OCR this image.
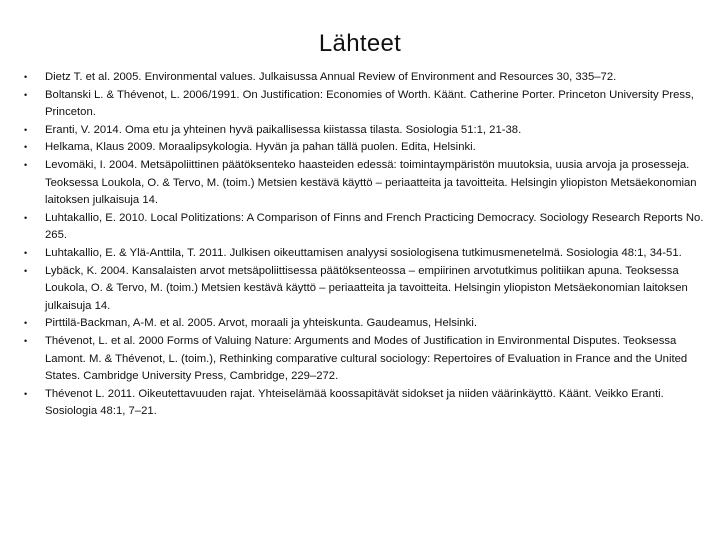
Lähteet
• Dietz T. et al. 2005. Environmental values. Julkaisussa Annual Review of Environment and Resources 30, 335–72.
• Boltanski L. & Thévenot, L. 2006/1991. On Justification: Economies of Worth. Käänt. Catherine Porter. Princeton University Press, Princeton.
• Eranti, V. 2014. Oma etu ja yhteinen hyvä paikallisessa kiistassa tilasta. Sosiologia 51:1, 21-38.
• Helkama, Klaus 2009. Moraalipsykologia. Hyvän ja pahan tällä puolen. Edita, Helsinki.
• Levomäki, I. 2004. Metsäpoliittinen päätöksenteko haasteiden edessä: toimintaympäristön muutoksia, uusia arvoja ja prosesseja. Teoksessa Loukola, O. & Tervo, M. (toim.) Metsien kestävä käyttö – periaatteita ja tavoitteita. Helsingin yliopiston Metsäekonomian laitoksen julkaisuja 14.
• Luhtakallio, E. 2010. Local Politizations: A Comparison of Finns and French Practicing Democracy. Sociology Research Reports No. 265.
• Luhtakallio, E. & Ylä-Anttila, T. 2011. Julkisen oikeuttamisen analyysi sosiologisena tutkimusmenetelmä. Sosiologia 48:1, 34-51.
• Lybäck, K. 2004. Kansalaisten arvot metsäpoliittisessa päätöksenteossa – empiirinen arvotutkimus politiikan apuna. Teoksessa Loukola, O. & Tervo, M. (toim.) Metsien kestävä käyttö – periaatteita ja tavoitteita. Helsingin yliopiston Metsäekonomian laitoksen julkaisuja 14.
• Pirttilä-Backman, A-M. et al. 2005. Arvot, moraali ja yhteiskunta. Gaudeamus, Helsinki.
• Thévenot, L. et al. 2000 Forms of Valuing Nature: Arguments and Modes of Justification in Environmental Disputes. Teoksessa Lamont. M. & Thévenot, L. (toim.), Rethinking comparative cultural sociology: Repertoires of Evaluation in France and the United States. Cambridge University Press, Cambridge, 229–272.
• Thévenot L. 2011. Oikeutettavuuden rajat. Yhteiselämää koossapitävät sidokset ja niiden väärinkäyttö. Käänt. Veikko Eranti. Sosiologia 48:1, 7–21.
